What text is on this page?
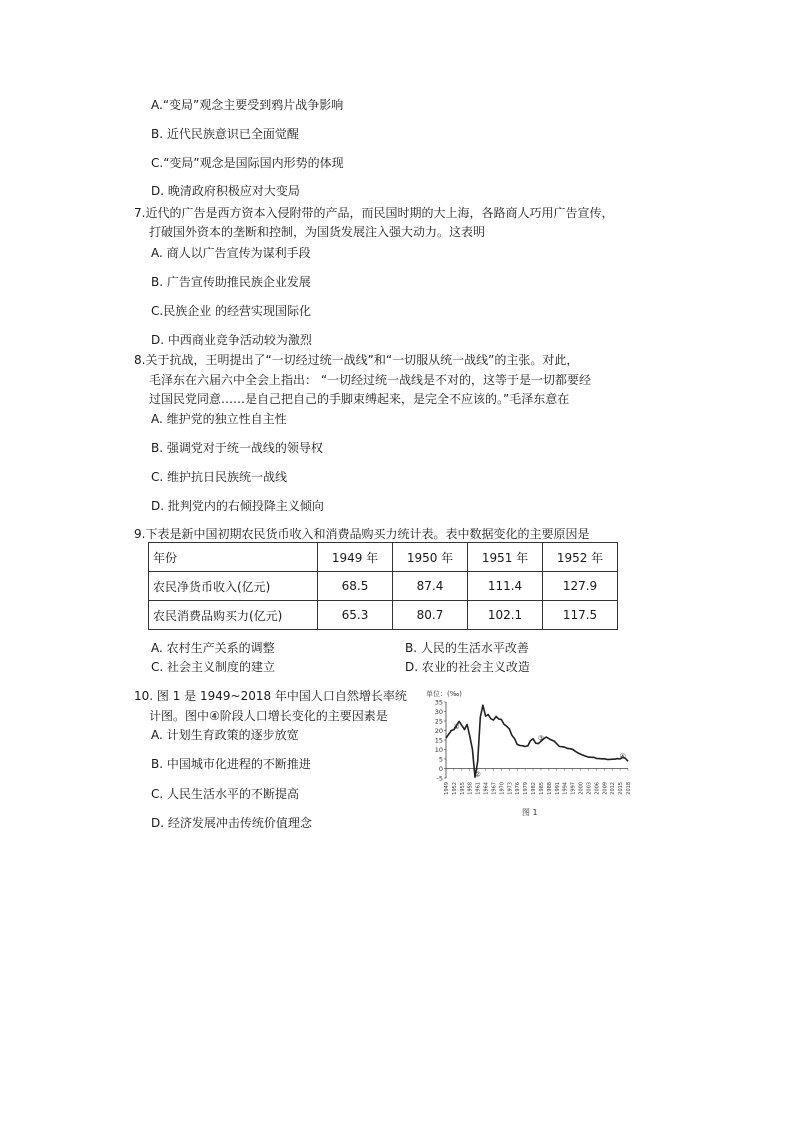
A.“变局”观念主要受到鸦片战争影响
B. 近代民族意识已全面觉醒
C.“变局”观念是国际国内形势的体现
D. 晚清政府积极应对大变局
7.近代的广告是西方资本入侵附带的产品，而民国时期的大上海，各路商人巧用广告宣传，
打破国外资本的垄断和控制，为国货发展注入强大动力。这表明
A. 商人以广告宣传为谋利手段
B. 广告宣传助推民族企业发展
C.民族企业 的经营实现国际化
D. 中西商业竞争活动较为激烈
8.关于抗战，王明提出了“一切经过统一战线”和“一切服从统一战线”的主张。对此，
毛泽东在六届六中全会上指出： “一切经过统一战线是不对的，这等于是一切都要经
过国民党同意……是自己把自己的手脚束缚起来，是完全不应该的。”毛泽东意在
A. 维护党的独立性自主性
B. 强调党对于统一战线的领导权
C. 维护抗日民族统一战线
D. 批判党内的右倾投降主义倾向
9.下表是新中国初期农民货币收入和消费品购买力统计表。表中数据变化的主要原因是
年份	1949 年	1950 年	1951 年	1952 年
农民净货币收入(亿元)	68.5	87.4	111.4	127.9
农民消费品购买力(亿元)	65.3	80.7	102.1	117.5
A. 农村生产关系的调整	B. 人民的生活水平改善
C. 社会主义制度的建立	D. 农业的社会主义改造
10. 图 1 是 1949~2018 年中国人口自然增长率统
计图。图中④阶段人口增长变化的主要因素是
A. 计划生育政策的逐步放宽
B. 中国城市化进程的不断推进
C. 人民生活水平的不断提高
D. 经济发展冲击传统价值理念
单位：(‰)
-5
0
5
10
15
20
25
30
35
1949 1952 1955 1958 1961 1964 1967 1970 1973 1976 1979 1982 1985 1988 1991 1994 1997 2000 2003 2006 2009 2012 2015 2018
①
②
③
④
图 1
